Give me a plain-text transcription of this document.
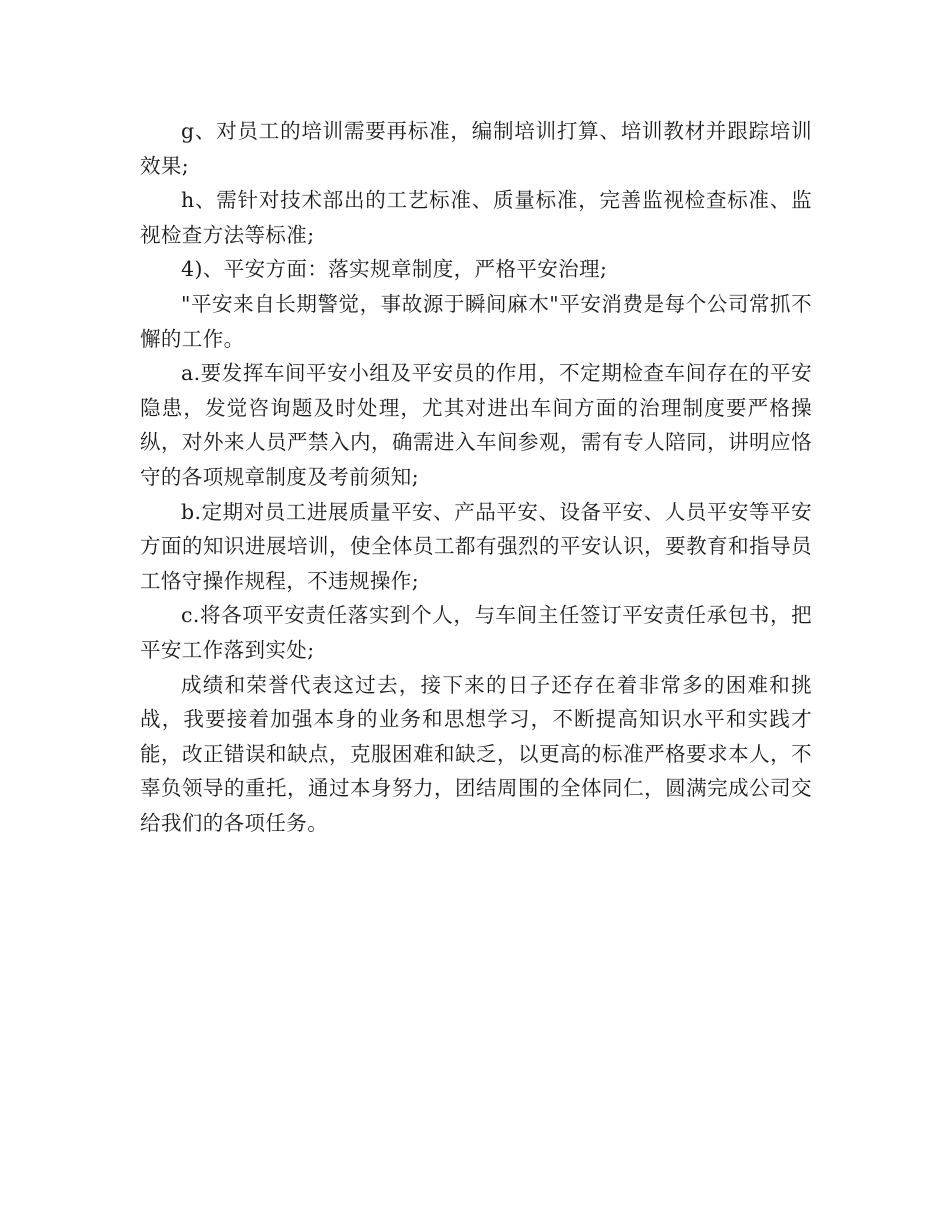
g、对员工的培训需要再标准，编制培训打算、培训教材并跟踪培训效果;

h、需针对技术部出的工艺标准、质量标准，完善监视检查标准、监视检查方法等标准;

4)、平安方面：落实规章制度，严格平安治理;

"平安来自长期警觉，事故源于瞬间麻木"平安消费是每个公司常抓不懈的工作。

a.要发挥车间平安小组及平安员的作用，不定期检查车间存在的平安隐患，发觉咨询题及时处理，尤其对进出车间方面的治理制度要严格操纵，对外来人员严禁入内，确需进入车间参观，需有专人陪同，讲明应恪守的各项规章制度及考前须知;

b.定期对员工进展质量平安、产品平安、设备平安、人员平安等平安方面的知识进展培训，使全体员工都有强烈的平安认识，要教育和指导员工恪守操作规程，不违规操作;

c.将各项平安责任落实到个人，与车间主任签订平安责任承包书，把平安工作落到实处;

成绩和荣誉代表这过去，接下来的日子还存在着非常多的困难和挑战，我要接着加强本身的业务和思想学习，不断提高知识水平和实践才能，改正错误和缺点，克服困难和缺乏，以更高的标准严格要求本人，不辜负领导的重托，通过本身努力，团结周围的全体同仁，圆满完成公司交给我们的各项任务。
